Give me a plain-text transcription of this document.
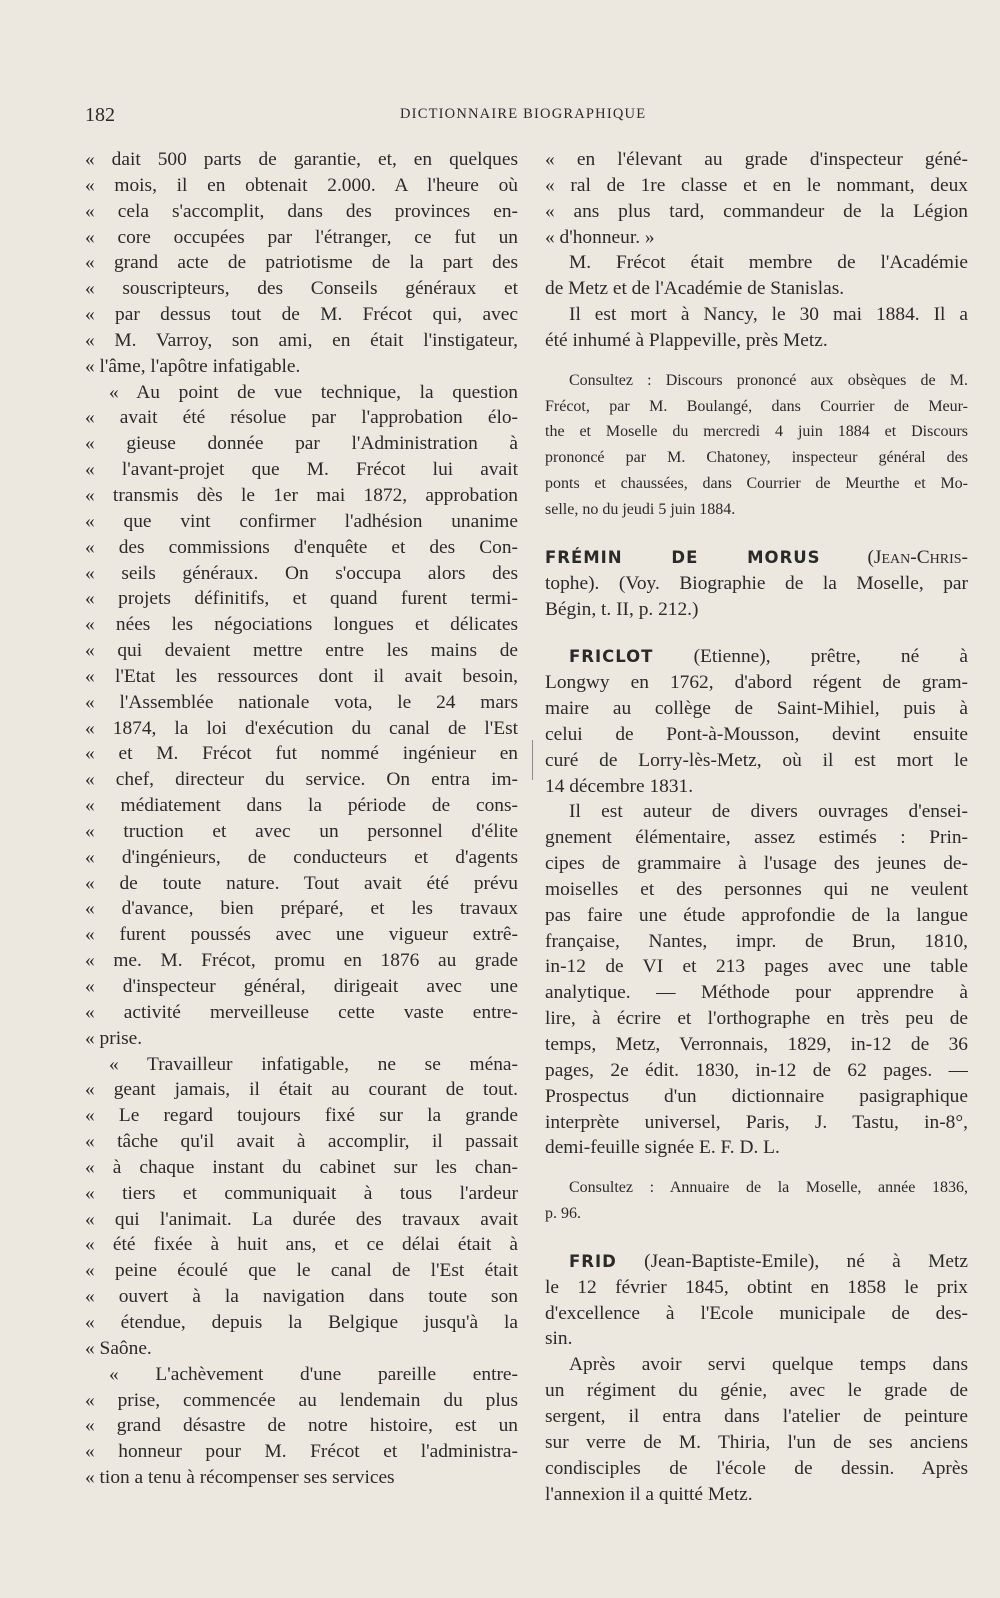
182	DICTIONNAIRE BIOGRAPHIQUE
« dait 500 parts de garantie, et, en quelques
« mois, il en obtenait 2.000. A l'heure où
« cela s'accomplit, dans des provinces en-
« core occupées par l'étranger, ce fut un
« grand acte de patriotisme de la part des
« souscripteurs, des Conseils généraux et
« par dessus tout de M. Frécot qui, avec
« M. Varroy, son ami, en était l'instigateur,
« l'âme, l'apôtre infatigable.
« Au point de vue technique, la question
« avait été résolue par l'approbation élo-
« gieuse donnée par l'Administration à
« l'avant-projet que M. Frécot lui avait
« transmis dès le 1er mai 1872, approbation
« que vint confirmer l'adhésion unanime
« des commissions d'enquête et des Con-
« seils généraux. On s'occupa alors des
« projets définitifs, et quand furent termi-
« nées les négociations longues et délicates
« qui devaient mettre entre les mains de
« l'Etat les ressources dont il avait besoin,
« l'Assemblée nationale vota, le 24 mars
« 1874, la loi d'exécution du canal de l'Est
« et M. Frécot fut nommé ingénieur en
« chef, directeur du service. On entra im-
« médiatement dans la période de cons-
« truction et avec un personnel d'élite
« d'ingénieurs, de conducteurs et d'agents
« de toute nature. Tout avait été prévu
« d'avance, bien préparé, et les travaux
« furent poussés avec une vigueur extrê-
« me. M. Frécot, promu en 1876 au grade
« d'inspecteur général, dirigeait avec une
« activité merveilleuse cette vaste entre-
« prise.
« Travailleur infatigable, ne se ména-
« geant jamais, il était au courant de tout.
« Le regard toujours fixé sur la grande
« tâche qu'il avait à accomplir, il passait
« à chaque instant du cabinet sur les chan-
« tiers et communiquait à tous l'ardeur
« qui l'animait. La durée des travaux avait
« été fixée à huit ans, et ce délai était à
« peine écoulé que le canal de l'Est était
« ouvert à la navigation dans toute son
« étendue, depuis la Belgique jusqu'à la
« Saône.
« L'achèvement d'une pareille entre-
« prise, commencée au lendemain du plus
« grand désastre de notre histoire, est un
« honneur pour M. Frécot et l'administra-
« tion a tenu à récompenser ses services
« en l'élevant au grade d'inspecteur géné-
« ral de 1re classe et en le nommant, deux
« ans plus tard, commandeur de la Légion
« d'honneur. »
M. Frécot était membre de l'Académie
de Metz et de l'Académie de Stanislas.
Il est mort à Nancy, le 30 mai 1884. Il a
été inhumé à Plappeville, près Metz.
Consultez : Discours prononcé aux obsèques de M.
Frécot, par M. Boulangé, dans Courrier de Meur-
the et Moselle du mercredi 4 juin 1884 et Discours
prononcé par M. Chatoney, inspecteur général des
ponts et chaussées, dans Courrier de Meurthe et Mo-
selle, no du jeudi 5 juin 1884.
FRÉMIN DE MORUS (Jean-Chris-
tophe). (Voy. Biographie de la Moselle, par
Bégin, t. II, p. 212.)
FRICLOT (Etienne), prêtre, né à
Longwy en 1762, d'abord régent de gram-
maire au collège de Saint-Mihiel, puis à
celui de Pont-à-Mousson, devint ensuite
curé de Lorry-lès-Metz, où il est mort le
14 décembre 1831.
Il est auteur de divers ouvrages d'ensei-
gnement élémentaire, assez estimés : Prin-
cipes de grammaire à l'usage des jeunes de-
moiselles et des personnes qui ne veulent
pas faire une étude approfondie de la langue
française, Nantes, impr. de Brun, 1810,
in-12 de VI et 213 pages avec une table
analytique. — Méthode pour apprendre à
lire, à écrire et l'orthographe en très peu de
temps, Metz, Verronnais, 1829, in-12 de 36
pages, 2e édit. 1830, in-12 de 62 pages. —
Prospectus d'un dictionnaire pasigraphique
interprète universel, Paris, J. Tastu, in-8°,
demi-feuille signée E. F. D. L.
Consultez : Annuaire de la Moselle, année 1836,
p. 96.
FRID (Jean-Baptiste-Emile), né à Metz
le 12 février 1845, obtint en 1858 le prix
d'excellence à l'Ecole municipale de des-
sin.
Après avoir servi quelque temps dans
un régiment du génie, avec le grade de
sergent, il entra dans l'atelier de peinture
sur verre de M. Thiria, l'un de ses anciens
condisciples de l'école de dessin. Après
l'annexion il a quitté Metz.
